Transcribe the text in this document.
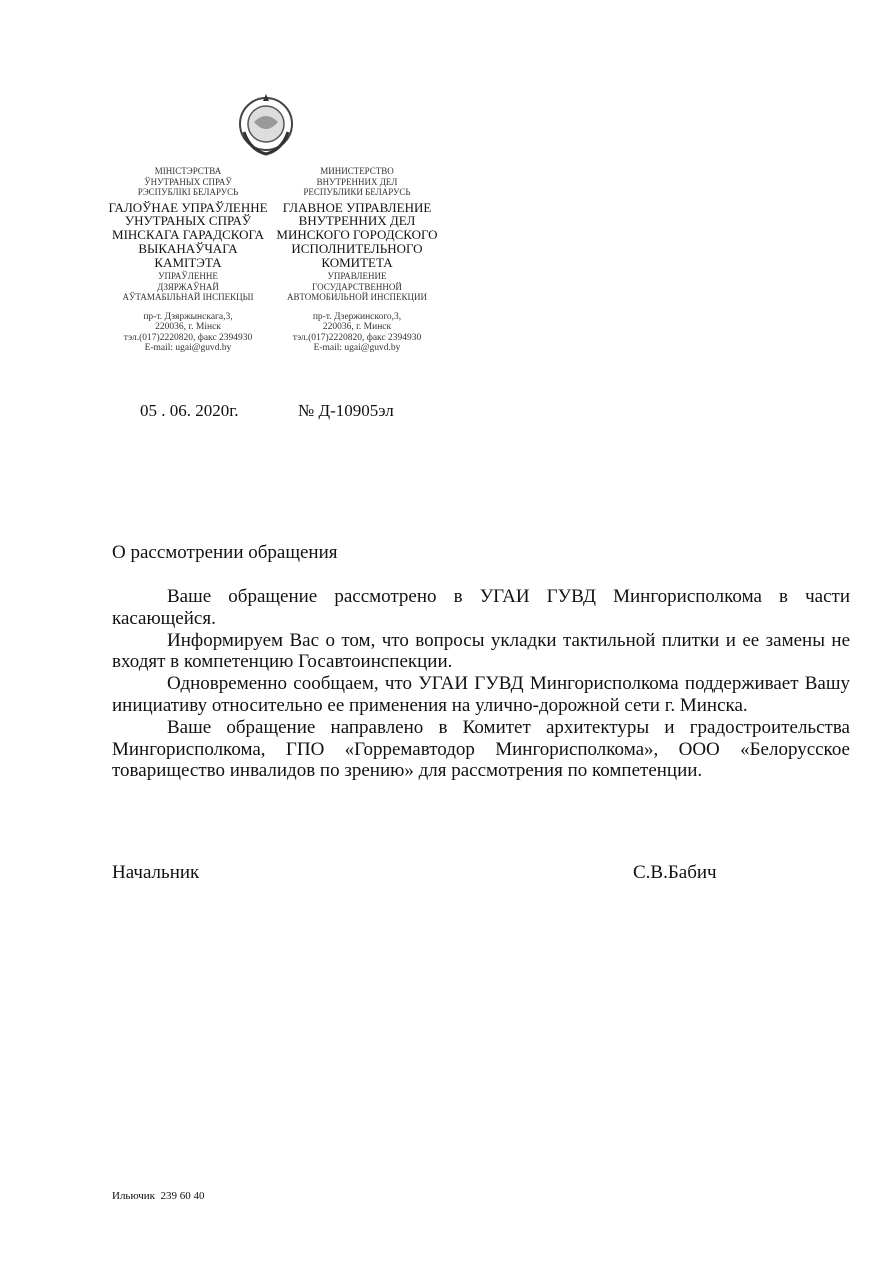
МІНІСТЭРСТВА
ЎНУТРАНЫХ СПРАЎ
РЭСПУБЛІКІ БЕЛАРУСЬ
ГАЛОЎНАЕ УПРАЎЛЕННЕ
УНУТРАНЫХ СПРАЎ
МІНСКАГА ГАРАДСКОГА
ВЫКАНАЎЧАГА
КАМІТЭТА
УПРАЎЛЕННЕ
ДЗЯРЖАЎНАЙ
АЎТАМАБІЛЬНАЙ ІНСПЕКЦЫІ
пр-т. Дзяржынскага,3,
220036, г. Мінск
тэл.(017)2220820, факс 2394930
E-mail: ugai@guvd.by
МИНИСТЕРСТВО
ВНУТРЕННИХ ДЕЛ
РЕСПУБЛИКИ БЕЛАРУСЬ
ГЛАВНОЕ УПРАВЛЕНИЕ
ВНУТРЕННИХ ДЕЛ
МИНСКОГО ГОРОДСКОГО
ИСПОЛНИТЕЛЬНОГО
КОМИТЕТА
УПРАВЛЕНИЕ
ГОСУДАРСТВЕННОЙ
АВТОМОБИЛЬНОЙ ИНСПЕКЦИИ
пр-т. Дзержинского,3,
220036, г. Минск
тэл.(017)2220820, факс 2394930
E-mail: ugai@guvd.by
05 . 06. 2020г.	№ Д-10905эл
О рассмотрении обращения

Ваше обращение рассмотрено в УГАИ ГУВД Мингорисполкома в части касающейся.

Информируем Вас о том, что вопросы укладки тактильной плитки и ее замены не входят в компетенцию Госавтоинспекции.

Одновременно сообщаем, что УГАИ ГУВД Мингорисполкома поддерживает Вашу инициативу относительно ее применения на улично-дорожной сети г. Минска.

Ваше обращение направлено в Комитет архитектуры и градостроительства Мингорисполкома, ГПО «Горремавтодор Мингорисполкома», ООО «Белорусское товарищество инвалидов по зрению» для рассмотрения по компетенции.

Начальник	С.В.Бабич
Ильючик  239 60 40
